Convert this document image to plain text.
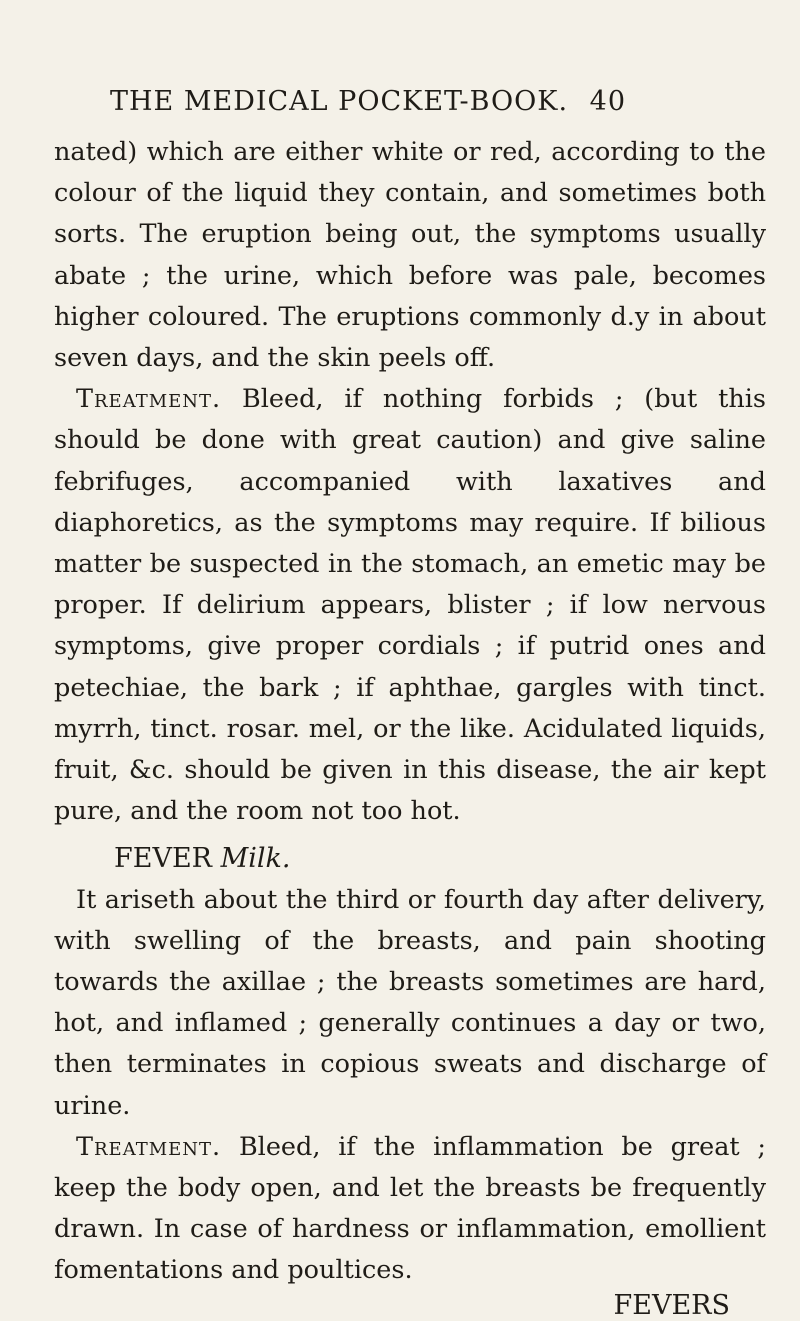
THE MEDICAL POCKET-BOOK. 40

nated) which are either white or red, according to the colour of the liquid they contain, and sometimes both sorts. The eruption being out, the symptoms usually abate ; the urine, which before was pale, becomes higher coloured. The eruptions commonly d.y in about seven days, and the skin peels off.

Treatment. Bleed, if nothing forbids ; (but this should be done with great caution) and give saline febrifuges, accompanied with laxatives and diaphoretics, as the symptoms may require. If bilious matter be suspected in the stomach, an emetic may be proper. If delirium appears, blister ; if low nervous symptoms, give proper cordials ; if putrid ones and petechiae, the bark ; if aphthae, gargles with tinct. myrrh, tinct. rosar. mel, or the like. Acidulated liquids, fruit, &c. should be given in this disease, the air kept pure, and the room not too hot.

FEVER Milk.

It ariseth about the third or fourth day after delivery, with swelling of the breasts, and pain shooting towards the axillae ; the breasts sometimes are hard, hot, and inflamed ; generally continues a day or two, then terminates in copious sweats and discharge of urine.

Treatment. Bleed, if the inflammation be great ; keep the body open, and let the breasts be frequently drawn. In case of hardness or inflammation, emollient fomentations and poultices.

FEVERS
